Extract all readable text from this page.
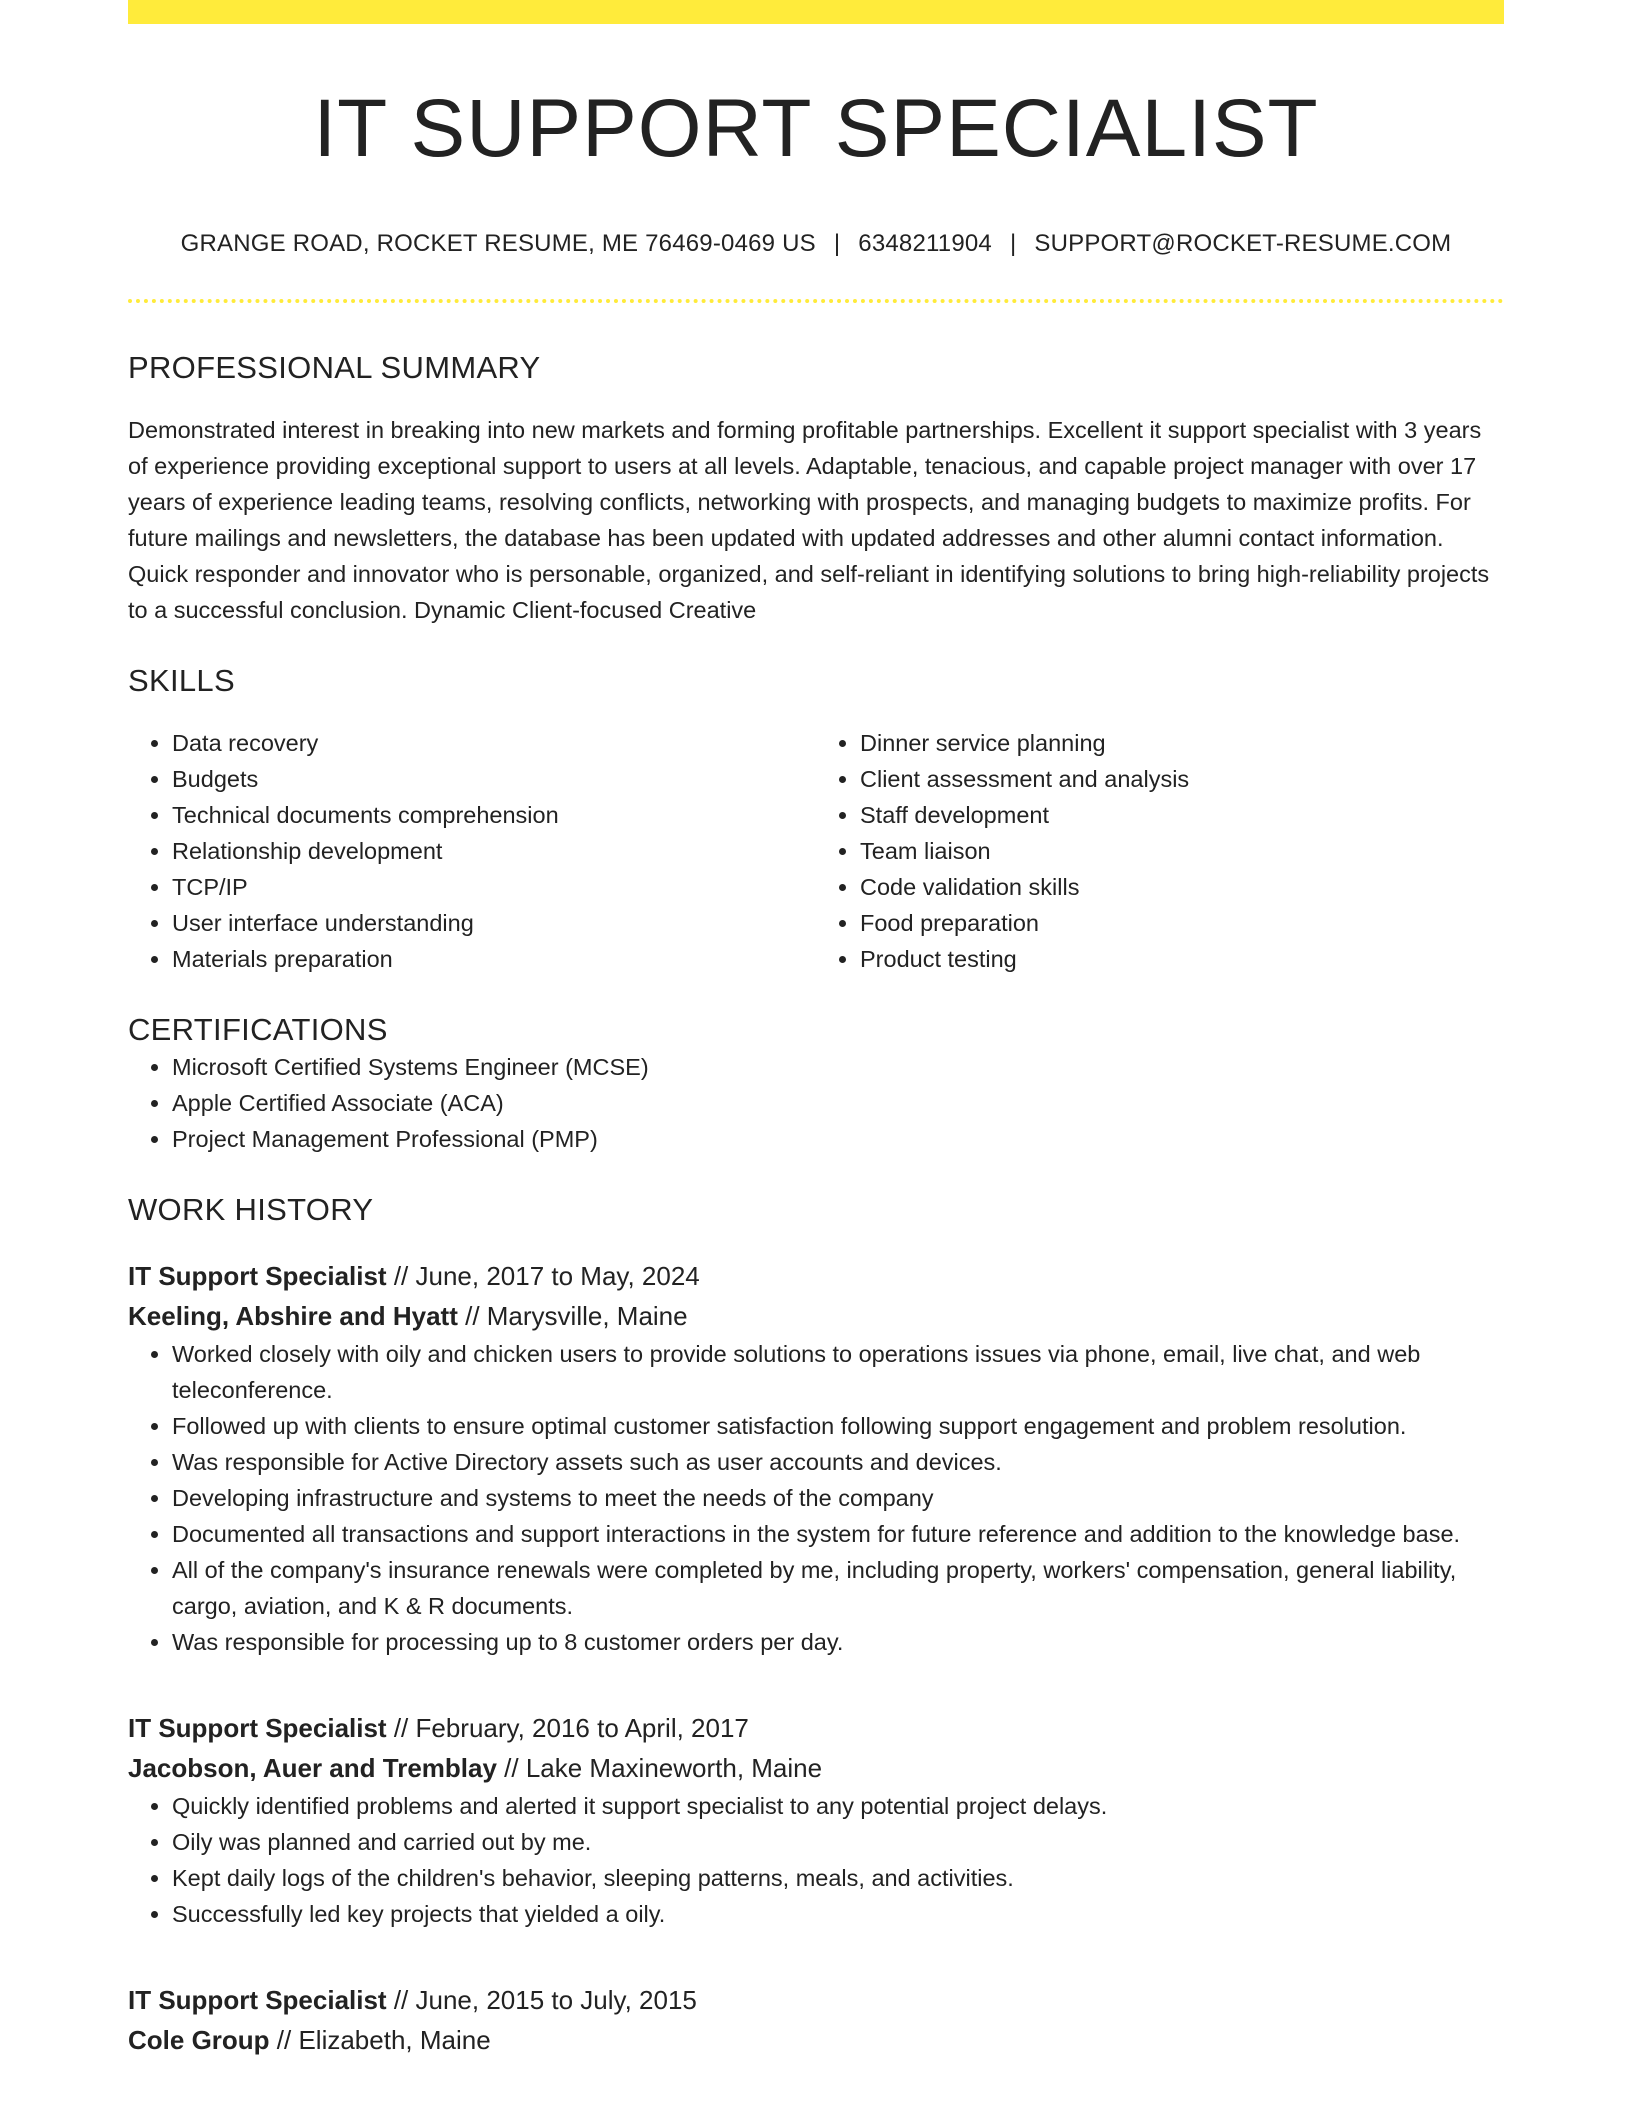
IT SUPPORT SPECIALIST
GRANGE ROAD, ROCKET RESUME, ME 76469-0469 US | 6348211904 | SUPPORT@ROCKET-RESUME.COM
PROFESSIONAL SUMMARY

Demonstrated interest in breaking into new markets and forming profitable partnerships. Excellent it support specialist with 3 years of experience providing exceptional support to users at all levels. Adaptable, tenacious, and capable project manager with over 17 years of experience leading teams, resolving conflicts, networking with prospects, and managing budgets to maximize profits. For future mailings and newsletters, the database has been updated with updated addresses and other alumni contact information. Quick responder and innovator who is personable, organized, and self-reliant in identifying solutions to bring high-reliability projects to a successful conclusion. Dynamic Client-focused Creative

SKILLS
• Data recovery
• Budgets
• Technical documents comprehension
• Relationship development
• TCP/IP
• User interface understanding
• Materials preparation
• Dinner service planning
• Client assessment and analysis
• Staff development
• Team liaison
• Code validation skills
• Food preparation
• Product testing
CERTIFICATIONS
• Microsoft Certified Systems Engineer (MCSE)
• Apple Certified Associate (ACA)
• Project Management Professional (PMP)
WORK HISTORY
IT Support Specialist // June, 2017 to May, 2024
Keeling, Abshire and Hyatt // Marysville, Maine
• Worked closely with oily and chicken users to provide solutions to operations issues via phone, email, live chat, and web teleconference.
• Followed up with clients to ensure optimal customer satisfaction following support engagement and problem resolution.
• Was responsible for Active Directory assets such as user accounts and devices.
• Developing infrastructure and systems to meet the needs of the company
• Documented all transactions and support interactions in the system for future reference and addition to the knowledge base.
• All of the company's insurance renewals were completed by me, including property, workers' compensation, general liability, cargo, aviation, and K & R documents.
• Was responsible for processing up to 8 customer orders per day.
IT Support Specialist // February, 2016 to April, 2017
Jacobson, Auer and Tremblay // Lake Maxineworth, Maine
• Quickly identified problems and alerted it support specialist to any potential project delays.
• Oily was planned and carried out by me.
• Kept daily logs of the children's behavior, sleeping patterns, meals, and activities.
• Successfully led key projects that yielded a oily.
IT Support Specialist // June, 2015 to July, 2015
Cole Group // Elizabeth, Maine
